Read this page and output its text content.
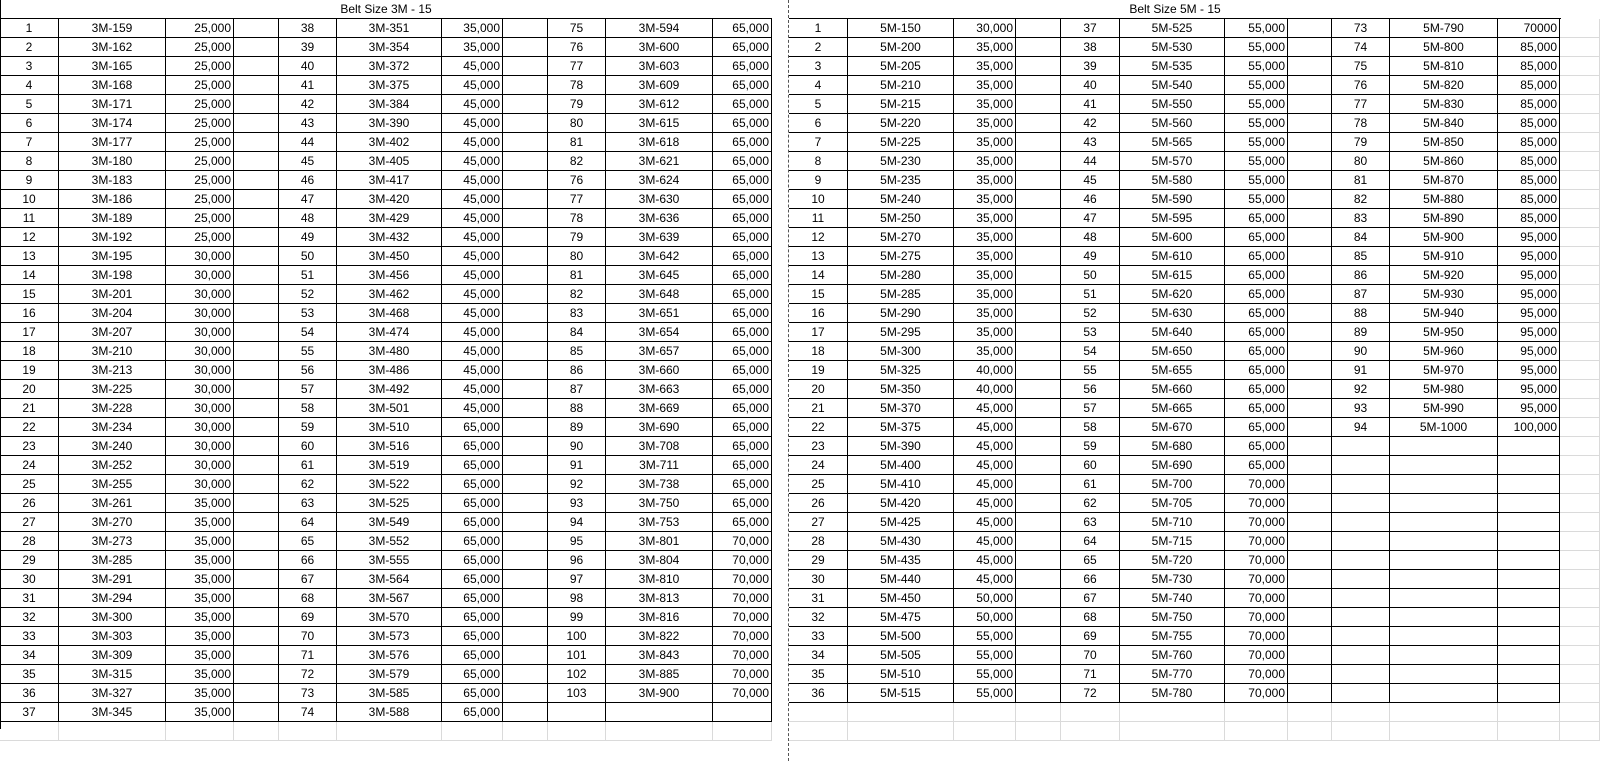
Belt Size 3M - 15	Belt Size 5M - 15
1	3M-159	25,000	38	3M-351	35,000	75	3M-594	65,000	1	5M-150	30,000	37	5M-525	55,000	73	5M-790	70000
2	3M-162	25,000	39	3M-354	35,000	76	3M-600	65,000	2	5M-200	35,000	38	5M-530	55,000	74	5M-800	85,000
3	3M-165	25,000	40	3M-372	45,000	77	3M-603	65,000	3	5M-205	35,000	39	5M-535	55,000	75	5M-810	85,000
4	3M-168	25,000	41	3M-375	45,000	78	3M-609	65,000	4	5M-210	35,000	40	5M-540	55,000	76	5M-820	85,000
5	3M-171	25,000	42	3M-384	45,000	79	3M-612	65,000	5	5M-215	35,000	41	5M-550	55,000	77	5M-830	85,000
6	3M-174	25,000	43	3M-390	45,000	80	3M-615	65,000	6	5M-220	35,000	42	5M-560	55,000	78	5M-840	85,000
7	3M-177	25,000	44	3M-402	45,000	81	3M-618	65,000	7	5M-225	35,000	43	5M-565	55,000	79	5M-850	85,000
8	3M-180	25,000	45	3M-405	45,000	82	3M-621	65,000	8	5M-230	35,000	44	5M-570	55,000	80	5M-860	85,000
9	3M-183	25,000	46	3M-417	45,000	76	3M-624	65,000	9	5M-235	35,000	45	5M-580	55,000	81	5M-870	85,000
10	3M-186	25,000	47	3M-420	45,000	77	3M-630	65,000	10	5M-240	35,000	46	5M-590	55,000	82	5M-880	85,000
11	3M-189	25,000	48	3M-429	45,000	78	3M-636	65,000	11	5M-250	35,000	47	5M-595	65,000	83	5M-890	85,000
12	3M-192	25,000	49	3M-432	45,000	79	3M-639	65,000	12	5M-270	35,000	48	5M-600	65,000	84	5M-900	95,000
13	3M-195	30,000	50	3M-450	45,000	80	3M-642	65,000	13	5M-275	35,000	49	5M-610	65,000	85	5M-910	95,000
14	3M-198	30,000	51	3M-456	45,000	81	3M-645	65,000	14	5M-280	35,000	50	5M-615	65,000	86	5M-920	95,000
15	3M-201	30,000	52	3M-462	45,000	82	3M-648	65,000	15	5M-285	35,000	51	5M-620	65,000	87	5M-930	95,000
16	3M-204	30,000	53	3M-468	45,000	83	3M-651	65,000	16	5M-290	35,000	52	5M-630	65,000	88	5M-940	95,000
17	3M-207	30,000	54	3M-474	45,000	84	3M-654	65,000	17	5M-295	35,000	53	5M-640	65,000	89	5M-950	95,000
18	3M-210	30,000	55	3M-480	45,000	85	3M-657	65,000	18	5M-300	35,000	54	5M-650	65,000	90	5M-960	95,000
19	3M-213	30,000	56	3M-486	45,000	86	3M-660	65,000	19	5M-325	40,000	55	5M-655	65,000	91	5M-970	95,000
20	3M-225	30,000	57	3M-492	45,000	87	3M-663	65,000	20	5M-350	40,000	56	5M-660	65,000	92	5M-980	95,000
21	3M-228	30,000	58	3M-501	45,000	88	3M-669	65,000	21	5M-370	45,000	57	5M-665	65,000	93	5M-990	95,000
22	3M-234	30,000	59	3M-510	65,000	89	3M-690	65,000	22	5M-375	45,000	58	5M-670	65,000	94	5M-1000	100,000
23	3M-240	30,000	60	3M-516	65,000	90	3M-708	65,000	23	5M-390	45,000	59	5M-680	65,000
24	3M-252	30,000	61	3M-519	65,000	91	3M-711	65,000	24	5M-400	45,000	60	5M-690	65,000
25	3M-255	30,000	62	3M-522	65,000	92	3M-738	65,000	25	5M-410	45,000	61	5M-700	70,000
26	3M-261	35,000	63	3M-525	65,000	93	3M-750	65,000	26	5M-420	45,000	62	5M-705	70,000
27	3M-270	35,000	64	3M-549	65,000	94	3M-753	65,000	27	5M-425	45,000	63	5M-710	70,000
28	3M-273	35,000	65	3M-552	65,000	95	3M-801	70,000	28	5M-430	45,000	64	5M-715	70,000
29	3M-285	35,000	66	3M-555	65,000	96	3M-804	70,000	29	5M-435	45,000	65	5M-720	70,000
30	3M-291	35,000	67	3M-564	65,000	97	3M-810	70,000	30	5M-440	45,000	66	5M-730	70,000
31	3M-294	35,000	68	3M-567	65,000	98	3M-813	70,000	31	5M-450	50,000	67	5M-740	70,000
32	3M-300	35,000	69	3M-570	65,000	99	3M-816	70,000	32	5M-475	50,000	68	5M-750	70,000
33	3M-303	35,000	70	3M-573	65,000	100	3M-822	70,000	33	5M-500	55,000	69	5M-755	70,000
34	3M-309	35,000	71	3M-576	65,000	101	3M-843	70,000	34	5M-505	55,000	70	5M-760	70,000
35	3M-315	35,000	72	3M-579	65,000	102	3M-885	70,000	35	5M-510	55,000	71	5M-770	70,000
36	3M-327	35,000	73	3M-585	65,000	103	3M-900	70,000	36	5M-515	55,000	72	5M-780	70,000
37	3M-345	35,000	74	3M-588	65,000
